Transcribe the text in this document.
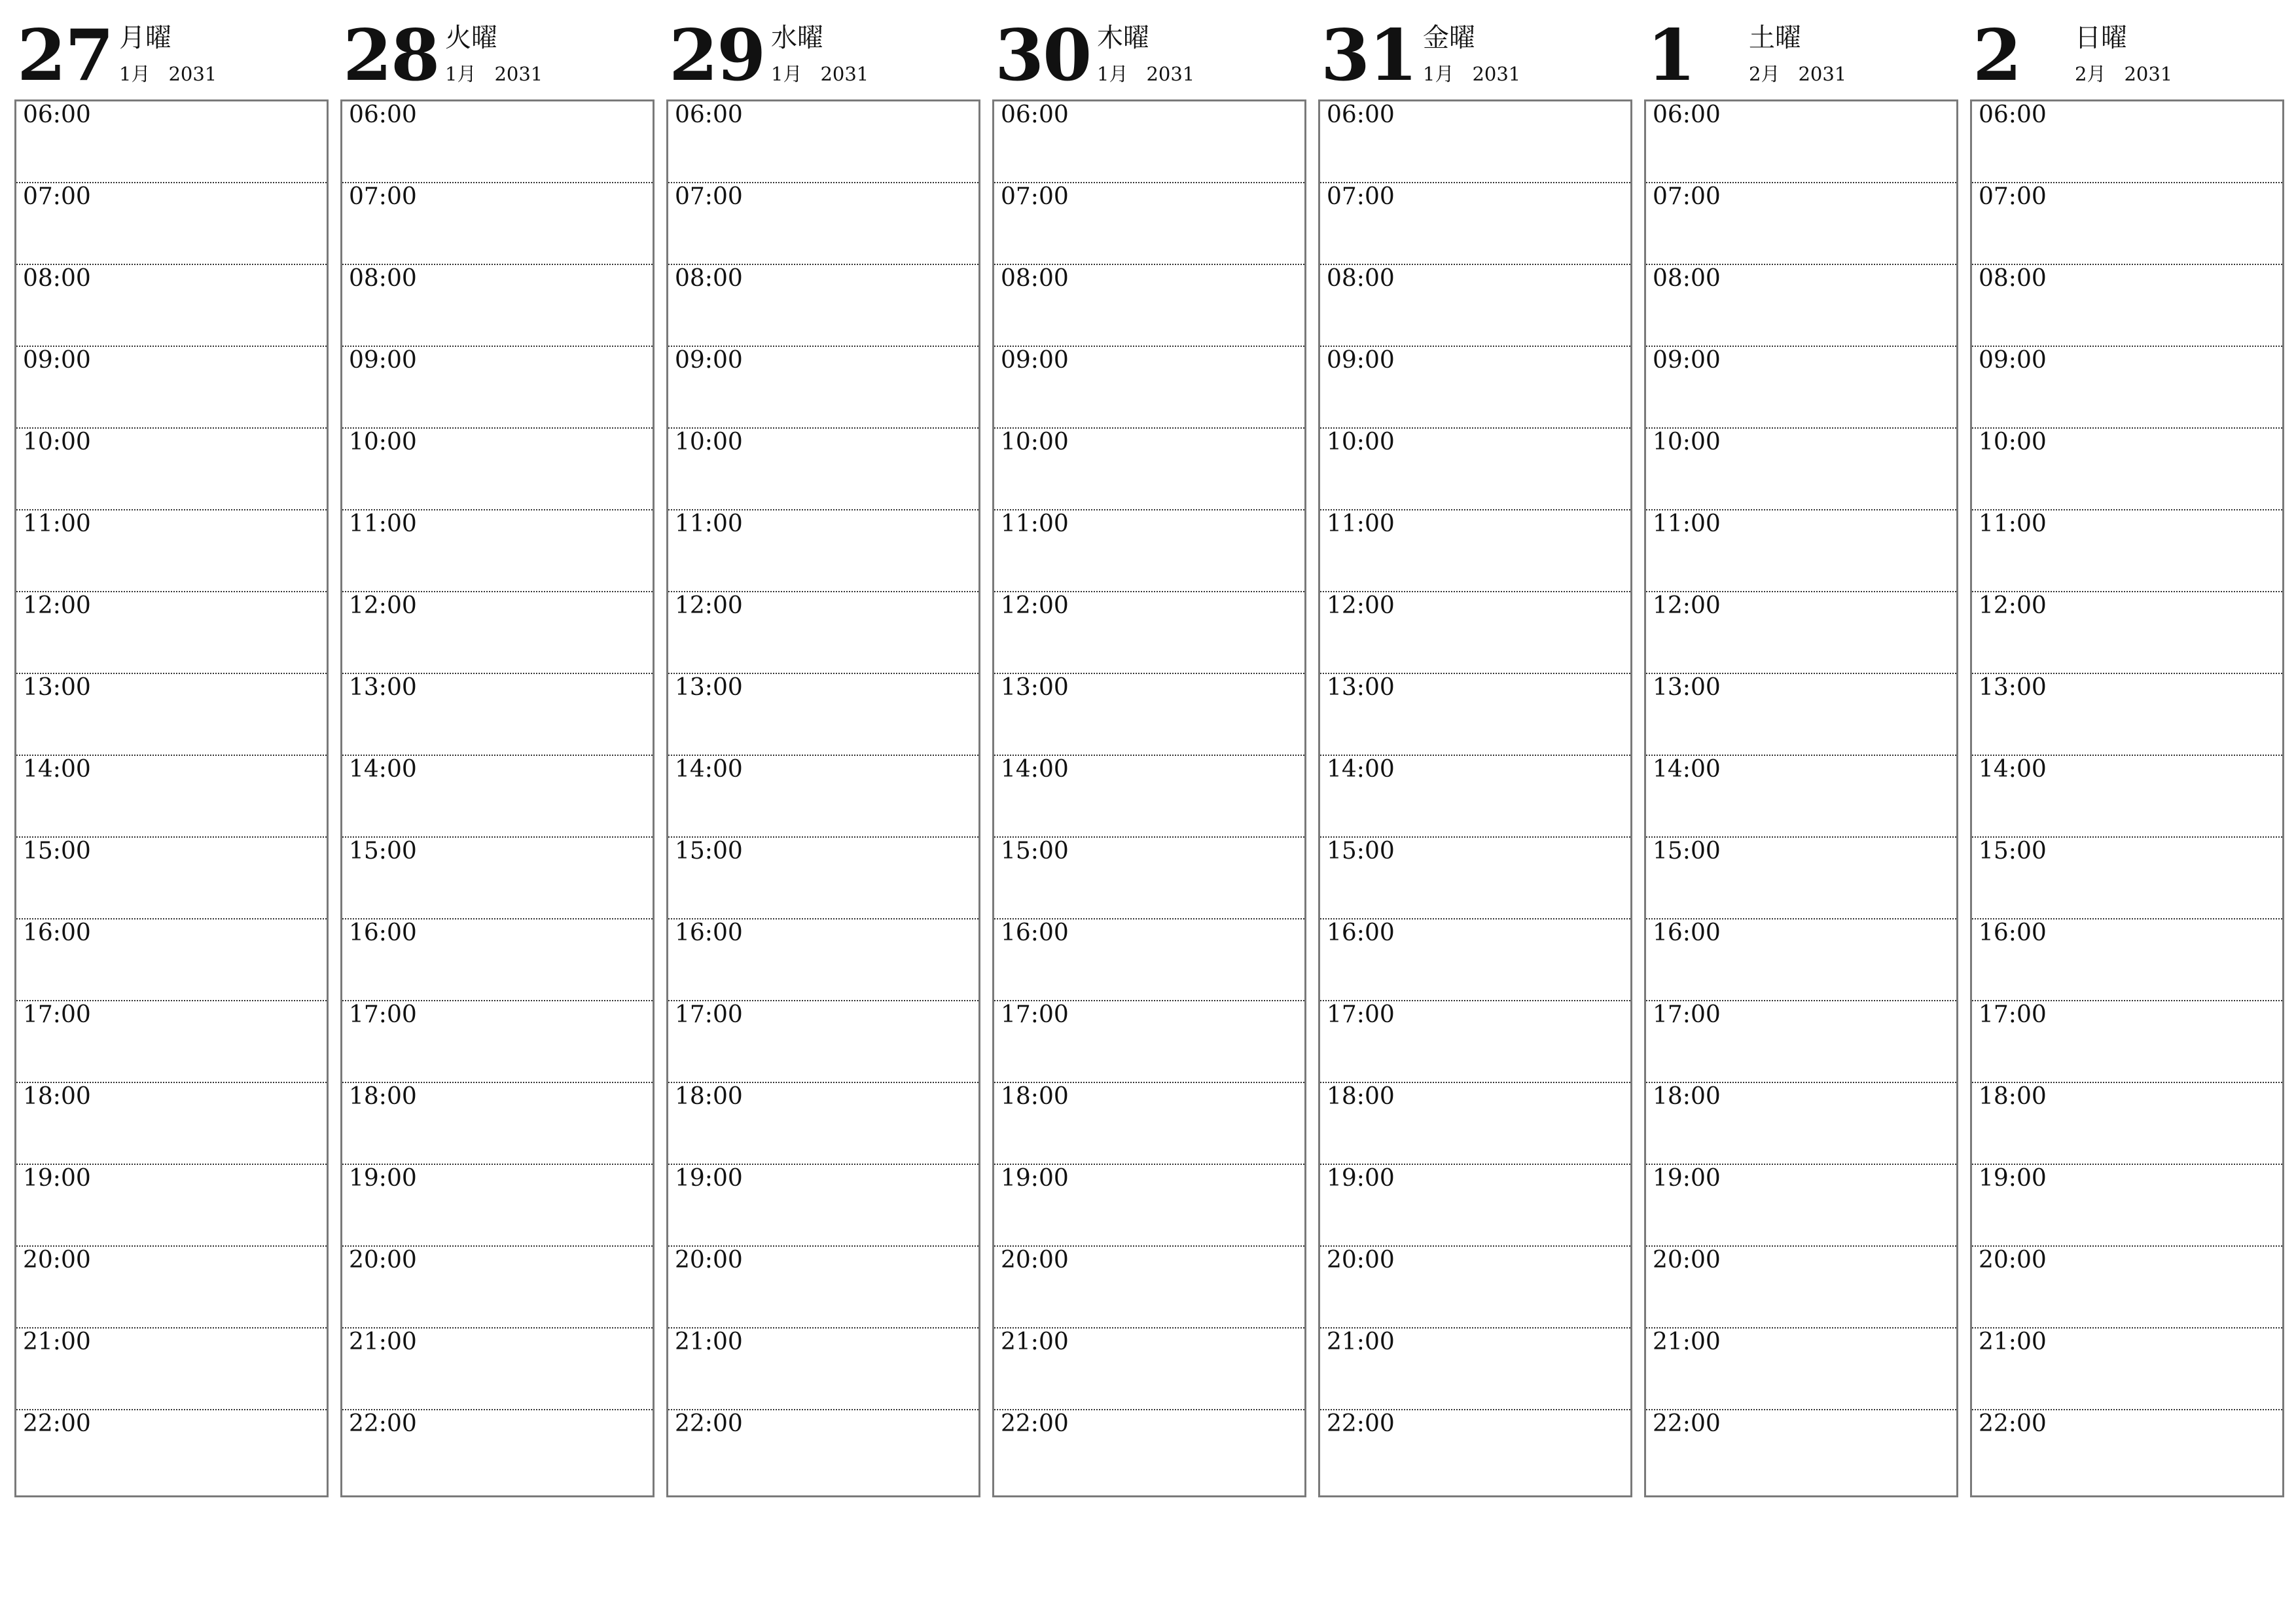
27 月曜
1月 2031
06:00
07:00
08:00
09:00
10:00
11:00
12:00
13:00
14:00
15:00
16:00
17:00
18:00
19:00
20:00
21:00
22:00
28 火曜
1月 2031
06:00
07:00
08:00
09:00
10:00
11:00
12:00
13:00
14:00
15:00
16:00
17:00
18:00
19:00
20:00
21:00
22:00
29 水曜
1月 2031
06:00
07:00
08:00
09:00
10:00
11:00
12:00
13:00
14:00
15:00
16:00
17:00
18:00
19:00
20:00
21:00
22:00
30 木曜
1月 2031
06:00
07:00
08:00
09:00
10:00
11:00
12:00
13:00
14:00
15:00
16:00
17:00
18:00
19:00
20:00
21:00
22:00
31 金曜
1月 2031
06:00
07:00
08:00
09:00
10:00
11:00
12:00
13:00
14:00
15:00
16:00
17:00
18:00
19:00
20:00
21:00
22:00
1 土曜
2月 2031
06:00
07:00
08:00
09:00
10:00
11:00
12:00
13:00
14:00
15:00
16:00
17:00
18:00
19:00
20:00
21:00
22:00
2 日曜
2月 2031
06:00
07:00
08:00
09:00
10:00
11:00
12:00
13:00
14:00
15:00
16:00
17:00
18:00
19:00
20:00
21:00
22:00
